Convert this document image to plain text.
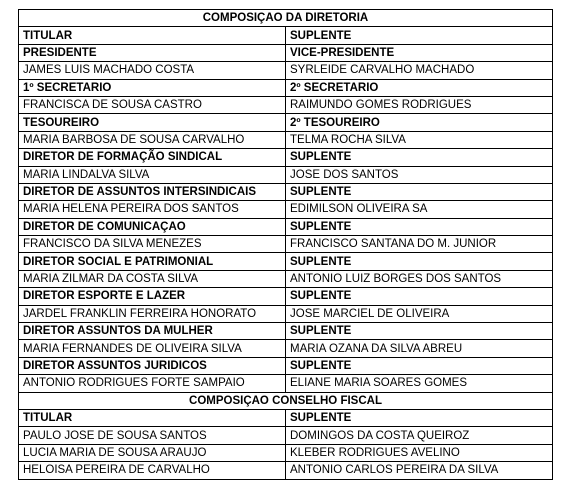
COMPOSIÇAO DA DIRETORIA	
TITULAR	SUPLENTE
PRESIDENTE	VICE-PRESIDENTE
JAMES LUIS MACHADO COSTA	SYRLEIDE CARVALHO MACHADO
1º SECRETARIO	2º SECRETARIO
FRANCISCA DE SOUSA CASTRO	RAIMUNDO GOMES RODRIGUES
TESOUREIRO	2º TESOUREIRO
MARIA BARBOSA DE SOUSA CARVALHO	TELMA ROCHA SILVA
DIRETOR DE FORMAÇÃO SINDICAL	SUPLENTE
MARIA LINDALVA SILVA	JOSE DOS SANTOS
DIRETOR DE ASSUNTOS INTERSINDICAIS	SUPLENTE
MARIA HELENA PEREIRA DOS SANTOS	EDIMILSON OLIVEIRA SA
DIRETOR DE COMUNICAÇAO	SUPLENTE
FRANCISCO DA SILVA MENEZES	FRANCISCO SANTANA DO M. JUNIOR
DIRETOR SOCIAL E PATRIMONIAL	SUPLENTE
MARIA ZILMAR DA COSTA SILVA	ANTONIO LUIZ BORGES DOS SANTOS
DIRETOR ESPORTE E LAZER	SUPLENTE
JARDEL FRANKLIN FERREIRA HONORATO	JOSE MARCIEL DE OLIVEIRA
DIRETOR ASSUNTOS DA MULHER	SUPLENTE
MARIA FERNANDES DE OLIVEIRA SILVA	MARIA OZANA DA SILVA ABREU
DIRETOR ASSUNTOS JURIDICOS	SUPLENTE
ANTONIO RODRIGUES FORTE SAMPAIO	ELIANE MARIA SOARES GOMES
COMPOSIÇAO CONSELHO FISCAL	
TITULAR	SUPLENTE
PAULO JOSE DE SOUSA SANTOS	DOMINGOS DA COSTA QUEIROZ
LUCIA MARIA DE SOUSA ARAUJO	KLEBER RODRIGUES AVELINO
HELOISA PEREIRA DE CARVALHO	ANTONIO CARLOS PEREIRA DA SILVA
